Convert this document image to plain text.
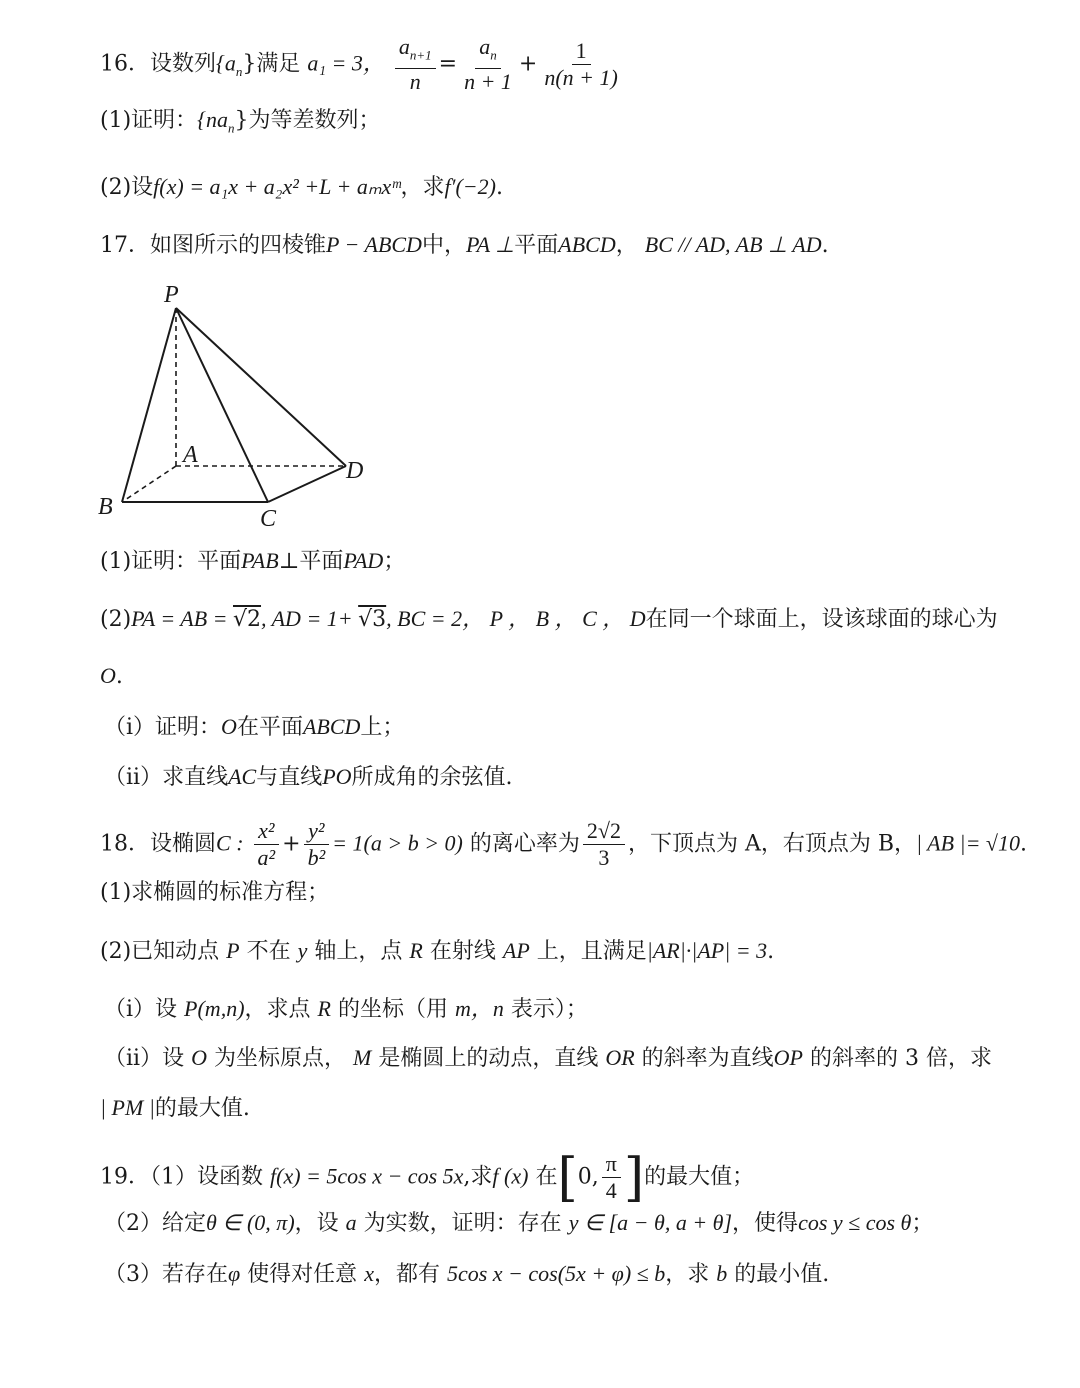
16．设数列$\{a_n\}$满足 a₁ = 3， $\frac{a_{n+1}}{n} = \frac{a_n}{n + 1} + \frac{1}{n(n + 1)}$
(1)证明：$\{na_n\}$为等差数列；
(2)设f(x) = a₁x + a₂x² +L + aₘxᵐ，求f′(−2).
17．如图所示的四棱锥P − ABCD中，PA ⊥平面ABCD， BC // AD, AB ⊥ AD.
P
A
B	C
D
(1)证明：平面PAB⊥平面PAD；
(2)PA = AB = √2, AD = 1+ √3, BC = 2， P ， B ， C ， D在同一个球面上，设该球面的球心为
O.
（i）证明：O在平面ABCD上；
（ii）求直线AC与直线PO所成角的余弦值.
18．设椭圆C : $\frac{\text{x²}}{\text{a²}} + \frac{\text{y²}}{\text{b²}} = 1(a > b > 0)$ 的离心率为 $\frac{2√2}{3}$ ，下顶点为 A，右顶点为 B，| AB |= √10.
(1)求椭圆的标准方程；
(2)已知动点 P 不在 y 轴上，点 R 在射线 AP 上，且满足|AR|·|AP| = 3.
（i）设 P(m,n)，求点 R 的坐标（用 m，n 表示）；
（ii）设 O 为坐标原点， M 是椭圆上的动点，直线 OR 的斜率为直线OP 的斜率的 3 倍，求
| PM |的最大值.
19．（1）设函数 f(x) = 5cos x − cos 5x,求f (x) 在[0, $\frac{\pi}{4}$ ]的最大值；
（2）给定θ ∈ (0, π)，设 a 为实数，证明：存在 y ∈ [a − θ, a + θ]，使得cos y ≤ cos θ；
（3）若存在φ 使得对任意 x，都有 5cos x − cos(5x + φ) ≤ b，求 b 的最小值.
